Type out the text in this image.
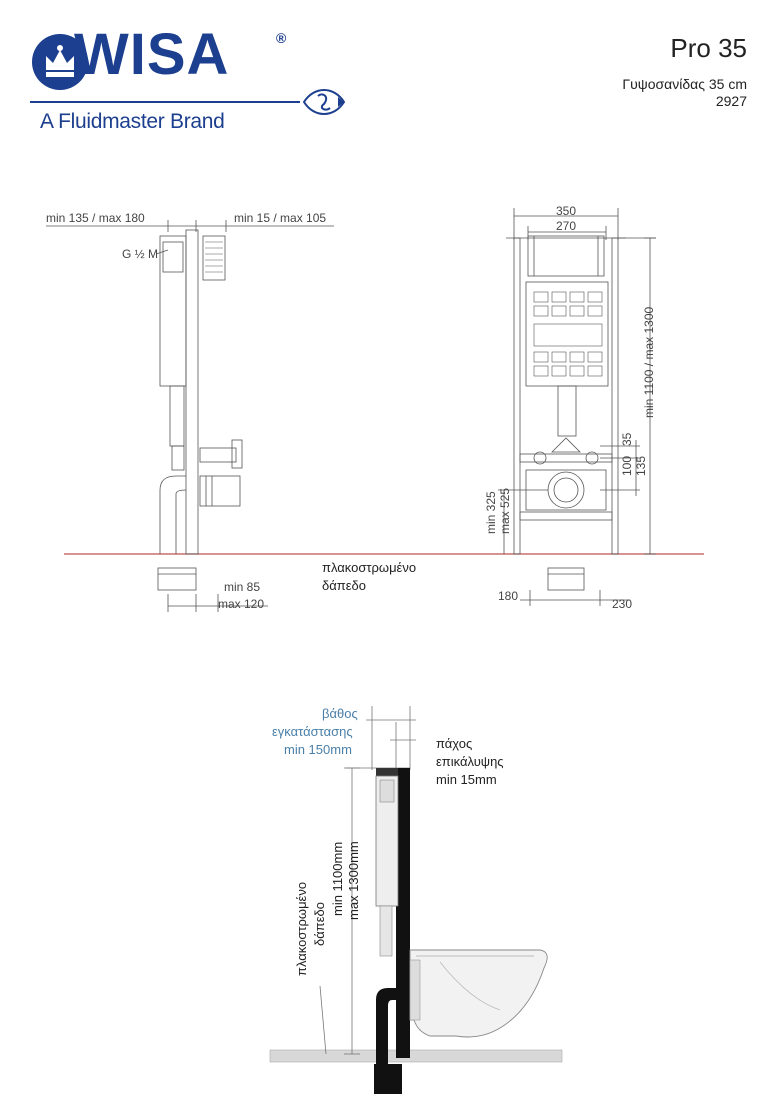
WISA	®
A Fluidmaster Brand
Pro 35
Γυψοσανίδας 35 cm
2927
min 135 / max 180	min 15 / max 105
G ½ M
min 85
max 120
πλακοστρωμένο
δάπεδο
350
270
min 1100 / max 1300
35
100 135
min 325 max 525
180
230
βάθος
εγκατάστασης
min 150mm	πάχος
επικάλυψης
min 15mm
min 1100mm max 1300mm
πλακοστρωμένο δάπεδο
